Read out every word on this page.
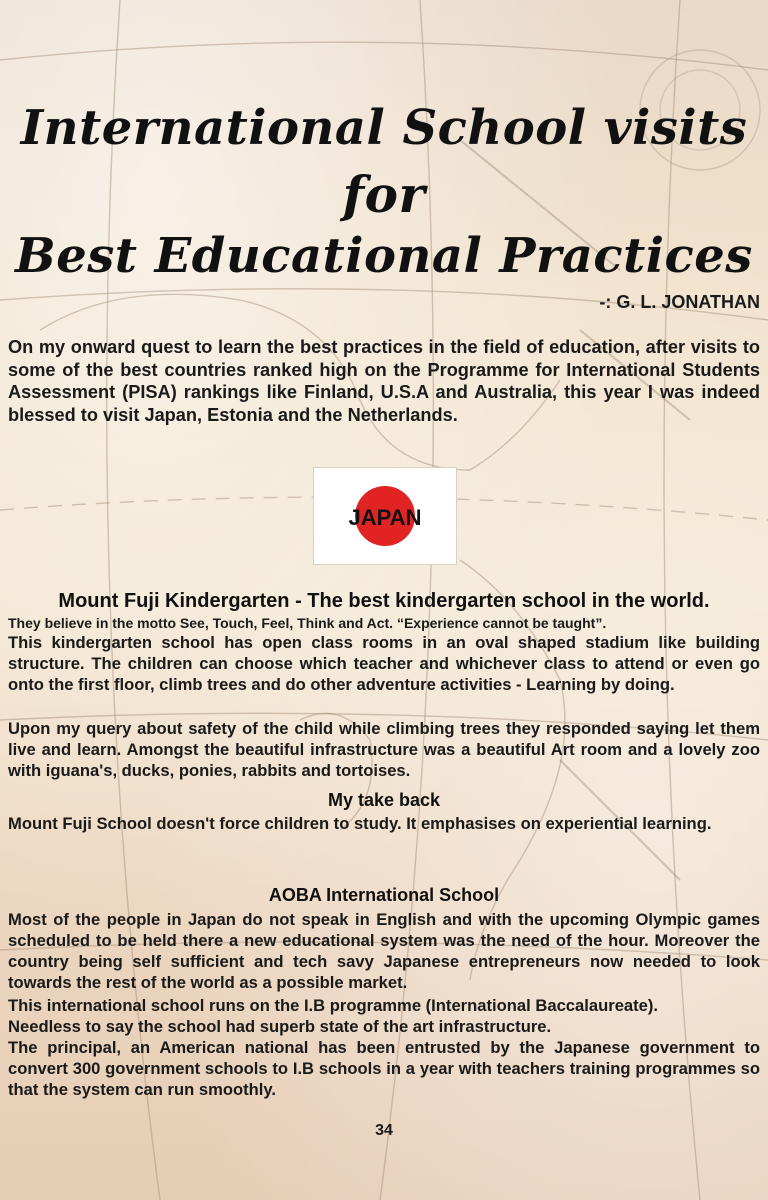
International School visits
for
Best Educational Practices
-: G. L. JONATHAN
On my onward quest to learn the best practices in the field of education, after visits to some of the best countries ranked high on the Programme for International Students Assessment (PISA) rankings like Finland, U.S.A and Australia, this year I was indeed blessed to visit Japan, Estonia and the Netherlands.
JAPAN
Mount Fuji Kindergarten - The best kindergarten school in the world.
They believe in the motto See, Touch, Feel, Think and Act. “Experience cannot be taught”.
This kindergarten school has open class rooms in an oval shaped stadium like building structure. The children can choose which teacher and whichever class to attend or even go onto the first floor, climb trees and do other adventure activities - Learning by doing.
Upon my query about safety of the child while climbing trees they responded saying let them live and learn. Amongst the beautiful infrastructure was a beautiful Art room and a lovely zoo with iguana's, ducks, ponies, rabbits and tortoises.
My take back
Mount Fuji School doesn't force children to study. It emphasises on experiential learning.
AOBA International School
Most of the people in Japan do not speak in English and with the upcoming Olympic games scheduled to be held there a new educational system was the need of the hour. Moreover the country being self sufficient and tech savy Japanese entrepreneurs now needed to look towards the rest of the world as a possible market.
This international school runs on the I.B programme (International Baccalaureate).
Needless to say the school had superb state of the art infrastructure.
The principal, an American national has been entrusted by the Japanese government to convert 300 government schools to I.B schools in a year with teachers training programmes so that the system can run smoothly.
34
